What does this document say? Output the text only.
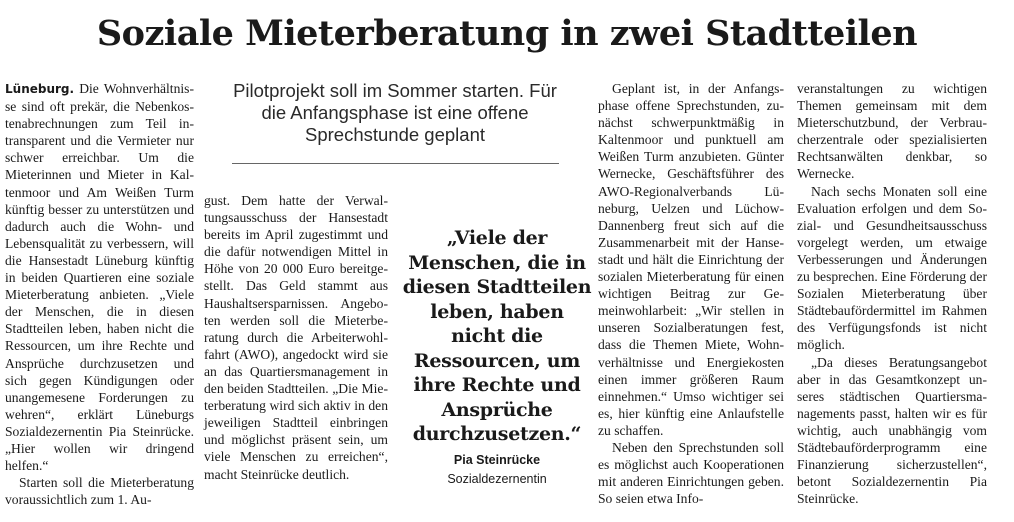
Soziale Mieterberatung in zwei Stadtteilen

Lüneburg. Die Wohnverhältnisse sind oft prekär, die Nebenkostenabrechnungen zum Teil intransparent und die Vermieter nur schwer erreichbar. Um die Mieterinnen und Mieter in Kaltenmoor und Am Weißen Turm künftig besser zu unterstützen und dadurch auch die Wohn- und Lebensqualität zu verbessern, will die Hansestadt Lüneburg künftig in beiden Quartieren eine soziale Mieterberatung anbieten. „Viele der Menschen, die in diesen Stadtteilen leben, haben nicht die Ressourcen, um ihre Rechte und Ansprüche durchzusetzen und sich gegen Kündigungen oder unangemesene Forderungen zu wehren“, erklärt Lüneburgs Sozialdezernentin Pia Steinrücke. „Hier wollen wir dringend helfen.“

Starten soll die Mieterberatung voraussichtlich zum 1. Au-

Pilotprojekt soll im Sommer starten. Für die Anfangsphase ist eine offene Sprechstunde geplant

gust. Dem hatte der Verwaltungsausschuss der Hansestadt bereits im April zugestimmt und die dafür notwendigen Mittel in Höhe von 20 000 Euro bereitgestellt. Das Geld stammt aus Haushaltsersparnissen. Angeboten werden soll die Mieterberatung durch die Arbeiterwohlfahrt (AWO), angedockt wird sie an das Quartiersmanagement in den beiden Stadtteilen. „Die Mieterberatung wird sich aktiv in den jeweiligen Stadtteil einbringen und möglichst präsent sein, um viele Menschen zu erreichen“, macht Steinrücke deutlich.

„Viele der Menschen, die in diesen Stadtteilen leben, haben nicht die Ressourcen, um ihre Rechte und Ansprüche durchzusetzen.“

Pia Steinrücke
Sozialdezernentin

Geplant ist, in der Anfangsphase offene Sprechstunden, zunächst schwerpunktmäßig in Kaltenmoor und punktuell am Weißen Turm anzubieten. Günter Wernecke, Geschäftsführer des AWO-Regionalverbands Lüneburg, Uelzen und Lüchow-Dannenberg freut sich auf die Zusammenarbeit mit der Hansestadt und hält die Einrichtung der sozialen Mieterberatung für einen wichtigen Beitrag zur Gemeinwohlarbeit: „Wir stellen in unseren Sozialberatungen fest, dass die Themen Miete, Wohnverhältnisse und Energiekosten einen immer größeren Raum einnehmen.“ Umso wichtiger sei es, hier künftig eine Anlaufstelle zu schaffen.

Neben den Sprechstunden soll es möglichst auch Kooperationen mit anderen Einrichtungen geben. So seien etwa Info-

veranstaltungen zu wichtigen Themen gemeinsam mit dem Mieterschutzbund, der Verbraucherzentrale oder spezialisierten Rechtsanwälten denkbar, so Wernecke.

Nach sechs Monaten soll eine Evaluation erfolgen und dem Sozial- und Gesundheitsausschuss vorgelegt werden, um etwaige Verbesserungen und Änderungen zu besprechen. Eine Förderung der Sozialen Mieterberatung über Städtebaufördermittel im Rahmen des Verfügungsfonds ist nicht möglich.

„Da dieses Beratungsangebot aber in das Gesamtkonzept unseres städtischen Quartiersmanagements passt, halten wir es für wichtig, auch unabhängig vom Städtebauförderprogramm eine Finanzierung sicherzustellen“, betont Sozialdezernentin Pia Steinrücke.
